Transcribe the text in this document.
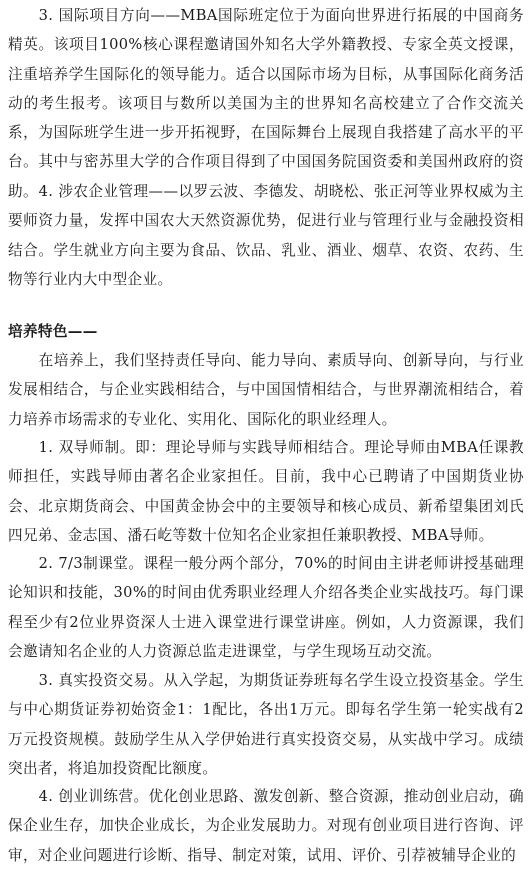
3. 国际项目方向——MBA国际班定位于为面向世界进行拓展的中国商务精英。该项目100%核心课程邀请国外知名大学外籍教授、专家全英文授课，注重培养学生国际化的领导能力。适合以国际市场为目标，从事国际化商务活动的考生报考。该项目与数所以美国为主的世界知名高校建立了合作交流关系，为国际班学生进一步开拓视野，在国际舞台上展现自我搭建了高水平的平台。其中与密苏里大学的合作项目得到了中国国务院国资委和美国州政府的资助。 4. 涉农企业管理——以罗云波、李德发、胡晓松、张正河等业界权威为主要师资力量，发挥中国农大天然资源优势，促进行业与管理行业与金融投资相结合。学生就业方向主要为食品、饮品、乳业、酒业、烟草、农资、农药、生物等行业内大中型企业。

培养特色——

在培养上，我们坚持责任导向、能力导向、素质导向、创新导向，与行业发展相结合，与企业实践相结合，与中国国情相结合，与世界潮流相结合，着力培养市场需求的专业化、实用化、国际化的职业经理人。

1. 双导师制。即：理论导师与实践导师相结合。理论导师由MBA任课教师担任，实践导师由著名企业家担任。目前，我中心已聘请了中国期货业协会、北京期货商会、中国黄金协会中的主要领导和核心成员、新希望集团刘氏四兄弟、金志国、潘石屹等数十位知名企业家担任兼职教授、MBA导师。

2. 7/3制课堂。课程一般分两个部分，70%的时间由主讲老师讲授基础理论知识和技能，30%的时间由优秀职业经理人介绍各类企业实战技巧。每门课程至少有2位业界资深人士进入课堂进行课堂讲座。例如，人力资源课，我们会邀请知名企业的人力资源总监走进课堂，与学生现场互动交流。

3. 真实投资交易。从入学起，为期货证券班每名学生设立投资基金。学生与中心期货证券初始资金1：1配比，各出1万元。即每名学生第一轮实战有2万元投资规模。鼓励学生从入学伊始进行真实投资交易，从实战中学习。成绩突出者，将追加投资配比额度。

4. 创业训练营。优化创业思路、激发创新、整合资源，推动创业启动，确保企业生存，加快企业成长，为企业发展助力。对现有创业项目进行咨询、评审，对企业问题进行诊断、指导、制定对策，试用、评价、引荐被辅导企业的
